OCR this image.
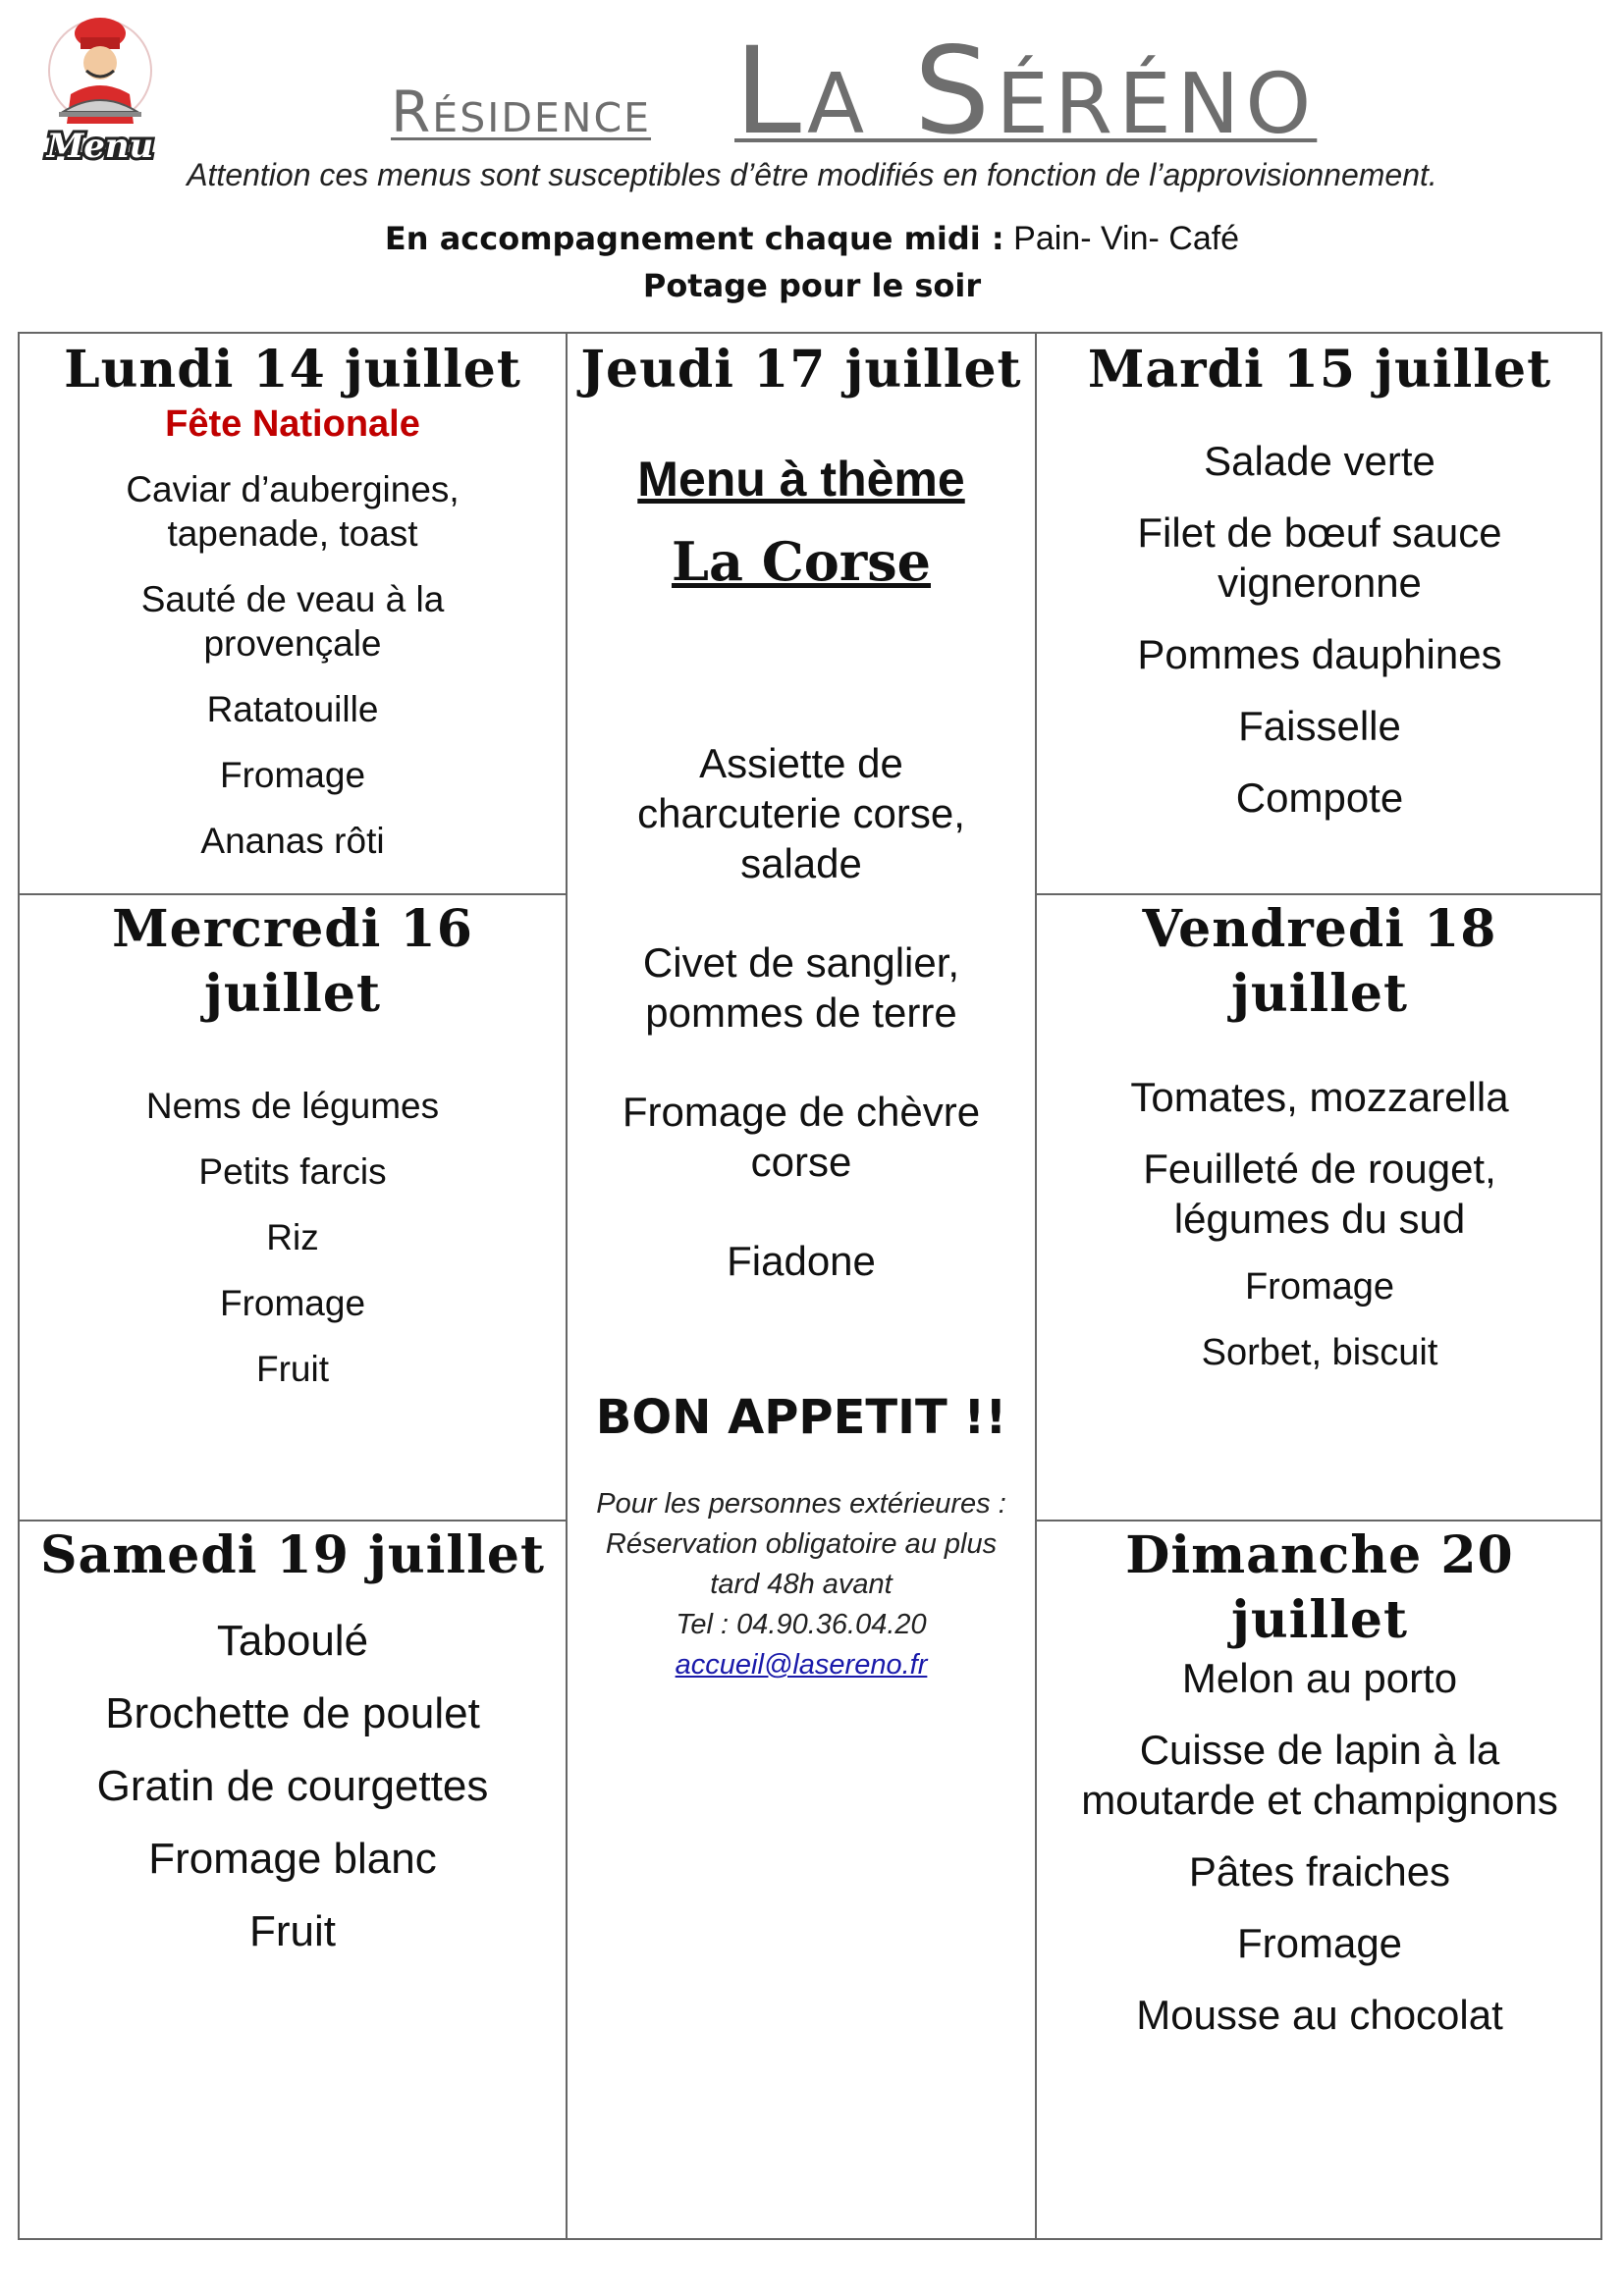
Menu
Résidence La Séréno
Attention ces menus sont susceptibles d’être modifiés en fonction de l’approvisionnement.
En accompagnement chaque midi : Pain- Vin- Café
Potage pour le soir
Lundi 14 juillet
Fête Nationale
Caviar d’aubergines, tapenade, toast
Sauté de veau à la provençale
Ratatouille
Fromage
Ananas rôti
Mercredi 16 juillet
Nems de légumes
Petits farcis
Riz
Fromage
Fruit
Samedi 19 juillet
Taboulé
Brochette de poulet
Gratin de courgettes
Fromage blanc
Fruit
Jeudi 17 juillet
Menu à thème
La Corse
Assiette de charcuterie corse, salade
Civet de sanglier, pommes de terre
Fromage de chèvre corse
Fiadone
BON APPETIT !!
Pour les personnes extérieures :
Réservation obligatoire au plus tard 48h avant
Tel : 04.90.36.04.20
accueil@lasereno.fr
Mardi 15 juillet
Salade verte
Filet de bœuf sauce vigneronne
Pommes dauphines
Faisselle
Compote
Vendredi 18 juillet
Tomates, mozzarella
Feuilleté de rouget, légumes du sud
Fromage
Sorbet, biscuit
Dimanche 20 juillet
Melon au porto
Cuisse de lapin à la moutarde et champignons
Pâtes fraiches
Fromage
Mousse au chocolat
